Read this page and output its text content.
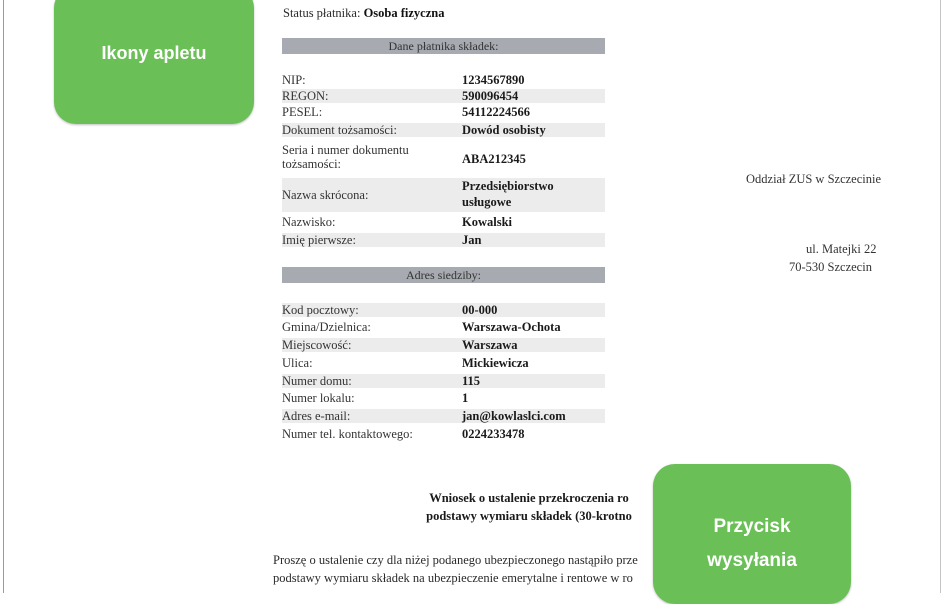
Status płatnika: Osoba fizyczna
Dane płatnika składek:
NIP:	1234567890
REGON:	590096454
PESEL:	54112224566
Dokument tożsamości:	Dowód osobisty
Seria i numer dokumentu tożsamości:	ABA212345
Nazwa skrócona:
Przedsiębiorstwo usługowe
Nazwisko:	Kowalski
Imię pierwsze:	Jan
Adres siedziby:
Kod pocztowy:	00-000
Gmina/Dzielnica:	Warszawa-Ochota
Miejscowość:	Warszawa
Ulica:	Mickiewicza
Numer domu:	115
Numer lokalu:	1
Adres e-mail:	jan@kowlaslci.com
Numer tel. kontaktowego:	0224233478
Oddział ZUS w Szczecinie
ul. Matejki 22
70-530 Szczecin
Wniosek o ustalenie przekroczenia ro
podstawy wymiaru składek (30-krotno
Proszę o ustalenie czy dla niżej podanego ubezpieczonego nastąpiło prze
podstawy wymiaru składek na ubezpieczenie emerytalne i rentowe w ro
Ikony apletu
Przycisk
wysyłania
